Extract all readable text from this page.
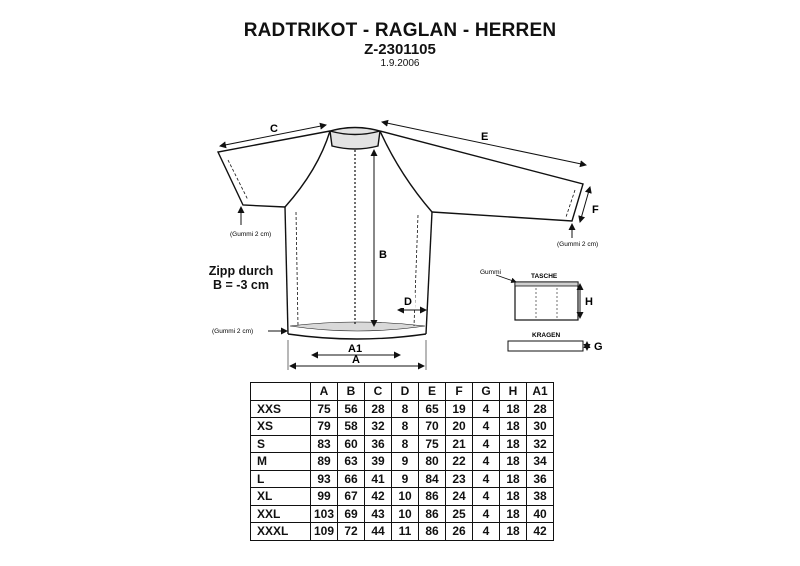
RADTRIKOT - RAGLAN - HERREN
Z-2301105
1.9.2006
C
E
F
B
D
A1
A
(Gummi 2 cm)
(Gummi 2 cm)
(Gummi 2 cm)
Gummi
TASCHE
H
KRAGEN
G
Zipp durch
B = -3 cm
	A	B	C	D	E	F	G	H	A1
XXS	75	56	28	8	65	19	4	18	28
XS	79	58	32	8	70	20	4	18	30
S	83	60	36	8	75	21	4	18	32
M	89	63	39	9	80	22	4	18	34
L	93	66	41	9	84	23	4	18	36
XL	99	67	42	10	86	24	4	18	38
XXL	103	69	43	10	86	25	4	18	40
XXXL	109	72	44	11	86	26	4	18	42
